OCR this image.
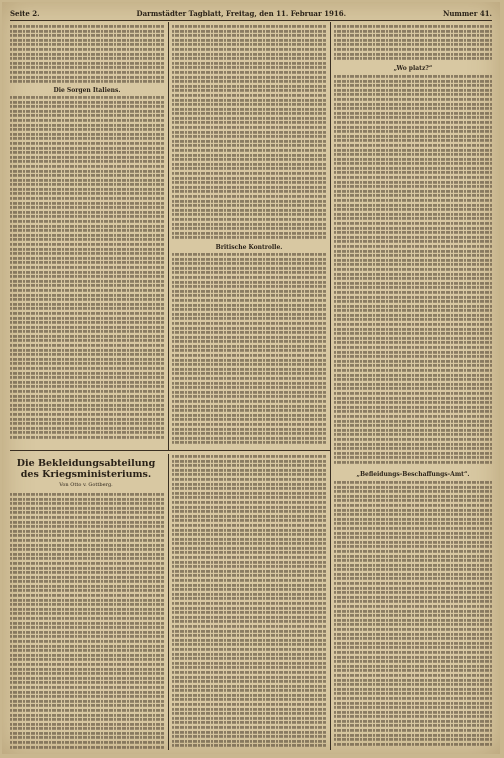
Seite 2.	Darmstädter Tagblatt, Freitag, den 11. Februar 1916.	Nummer 41.
Die Sorgen Italiens.
Britische Kontrolle.
Die Bekleidungsabteilung
des Kriegsministeriums.
Von Otto v. Gottberg.
„Wo platz?“
„Befleidungs-Beschaffungs-Amt“.
